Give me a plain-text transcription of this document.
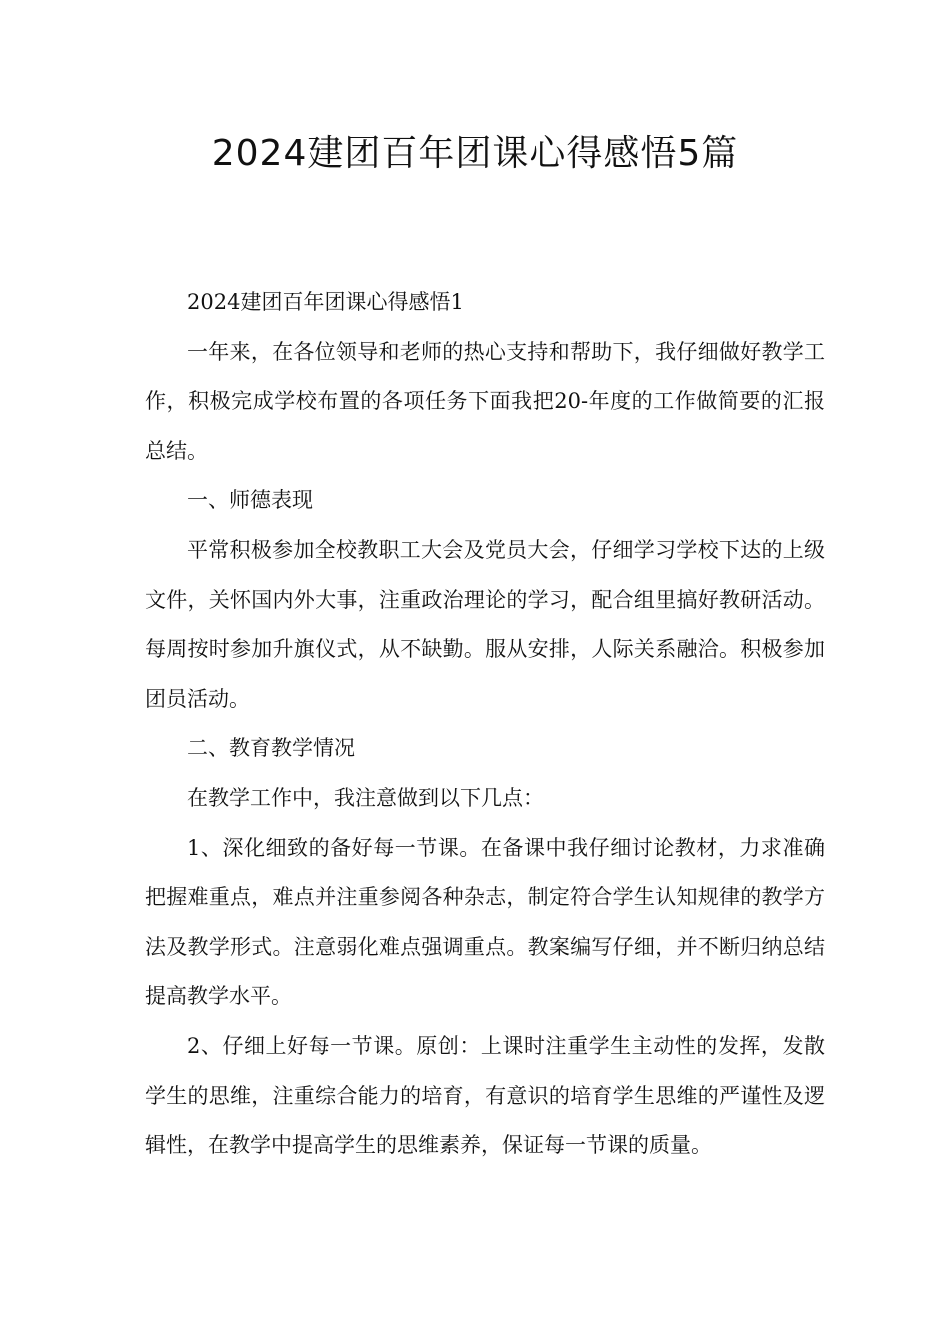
2024建团百年团课心得感悟5篇

2024建团百年团课心得感悟1

一年来，在各位领导和老师的热心支持和帮助下，我仔细做好教学工作，积极完成学校布置的各项任务下面我把20-年度的工作做简要的汇报总结。

一、师德表现

平常积极参加全校教职工大会及党员大会，仔细学习学校下达的上级文件，关怀国内外大事，注重政治理论的学习，配合组里搞好教研活动。每周按时参加升旗仪式，从不缺勤。服从安排，人际关系融洽。积极参加团员活动。

二、教育教学情况

在教学工作中，我注意做到以下几点：

1、深化细致的备好每一节课。在备课中我仔细讨论教材，力求准确把握难重点，难点并注重参阅各种杂志，制定符合学生认知规律的教学方法及教学形式。注意弱化难点强调重点。教案编写仔细，并不断归纳总结提高教学水平。

2、仔细上好每一节课。原创：上课时注重学生主动性的发挥，发散学生的思维，注重综合能力的培育，有意识的培育学生思维的严谨性及逻辑性，在教学中提高学生的思维素养，保证每一节课的质量。
